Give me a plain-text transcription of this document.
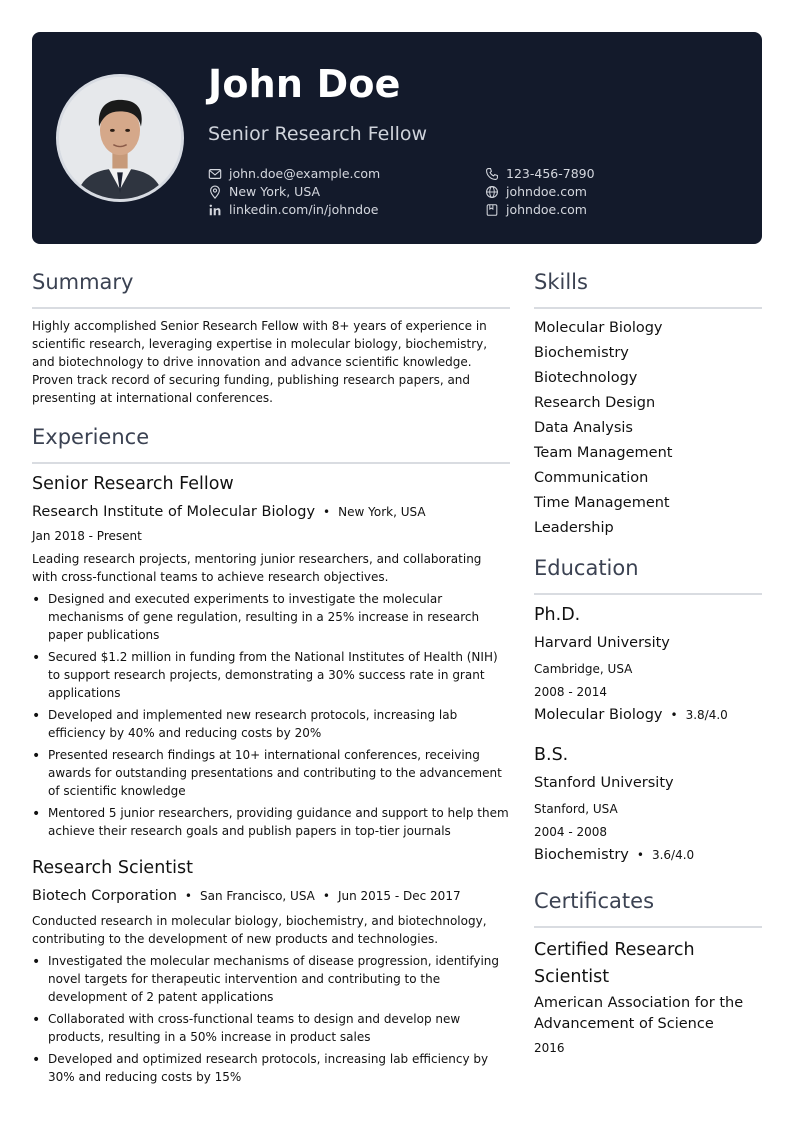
John Doe
Senior Research Fellow
john.doe@example.com
New York, USA
linkedin.com/in/johndoe
123-456-7890
johndoe.com
johndoe.com
Summary
Highly accomplished Senior Research Fellow with 8+ years of experience in scientific research, leveraging expertise in molecular biology, biochemistry, and biotechnology to drive innovation and advance scientific knowledge. Proven track record of securing funding, publishing research papers, and presenting at international conferences.
Experience
Senior Research Fellow
Research Institute of Molecular Biology • New York, USA
Jan 2018 - Present
Leading research projects, mentoring junior researchers, and collaborating with cross-functional teams to achieve research objectives.
• Designed and executed experiments to investigate the molecular mechanisms of gene regulation, resulting in a 25% increase in research paper publications
• Secured $1.2 million in funding from the National Institutes of Health (NIH) to support research projects, demonstrating a 30% success rate in grant applications
• Developed and implemented new research protocols, increasing lab efficiency by 40% and reducing costs by 20%
• Presented research findings at 10+ international conferences, receiving awards for outstanding presentations and contributing to the advancement of scientific knowledge
• Mentored 5 junior researchers, providing guidance and support to help them achieve their research goals and publish papers in top-tier journals
Research Scientist
Biotech Corporation • San Francisco, USA • Jun 2015 - Dec 2017
Conducted research in molecular biology, biochemistry, and biotechnology, contributing to the development of new products and technologies.
• Investigated the molecular mechanisms of disease progression, identifying novel targets for therapeutic intervention and contributing to the development of 2 patent applications
• Collaborated with cross-functional teams to design and develop new products, resulting in a 50% increase in product sales
• Developed and optimized research protocols, increasing lab efficiency by 30% and reducing costs by 15%
Skills
Molecular Biology
Biochemistry
Biotechnology
Research Design
Data Analysis
Team Management
Communication
Time Management
Leadership
Education
Ph.D.
Harvard University
Cambridge, USA
2008 - 2014
Molecular Biology • 3.8/4.0
B.S.
Stanford University
Stanford, USA
2004 - 2008
Biochemistry • 3.6/4.0
Certificates
Certified Research Scientist
American Association for the Advancement of Science
2016
